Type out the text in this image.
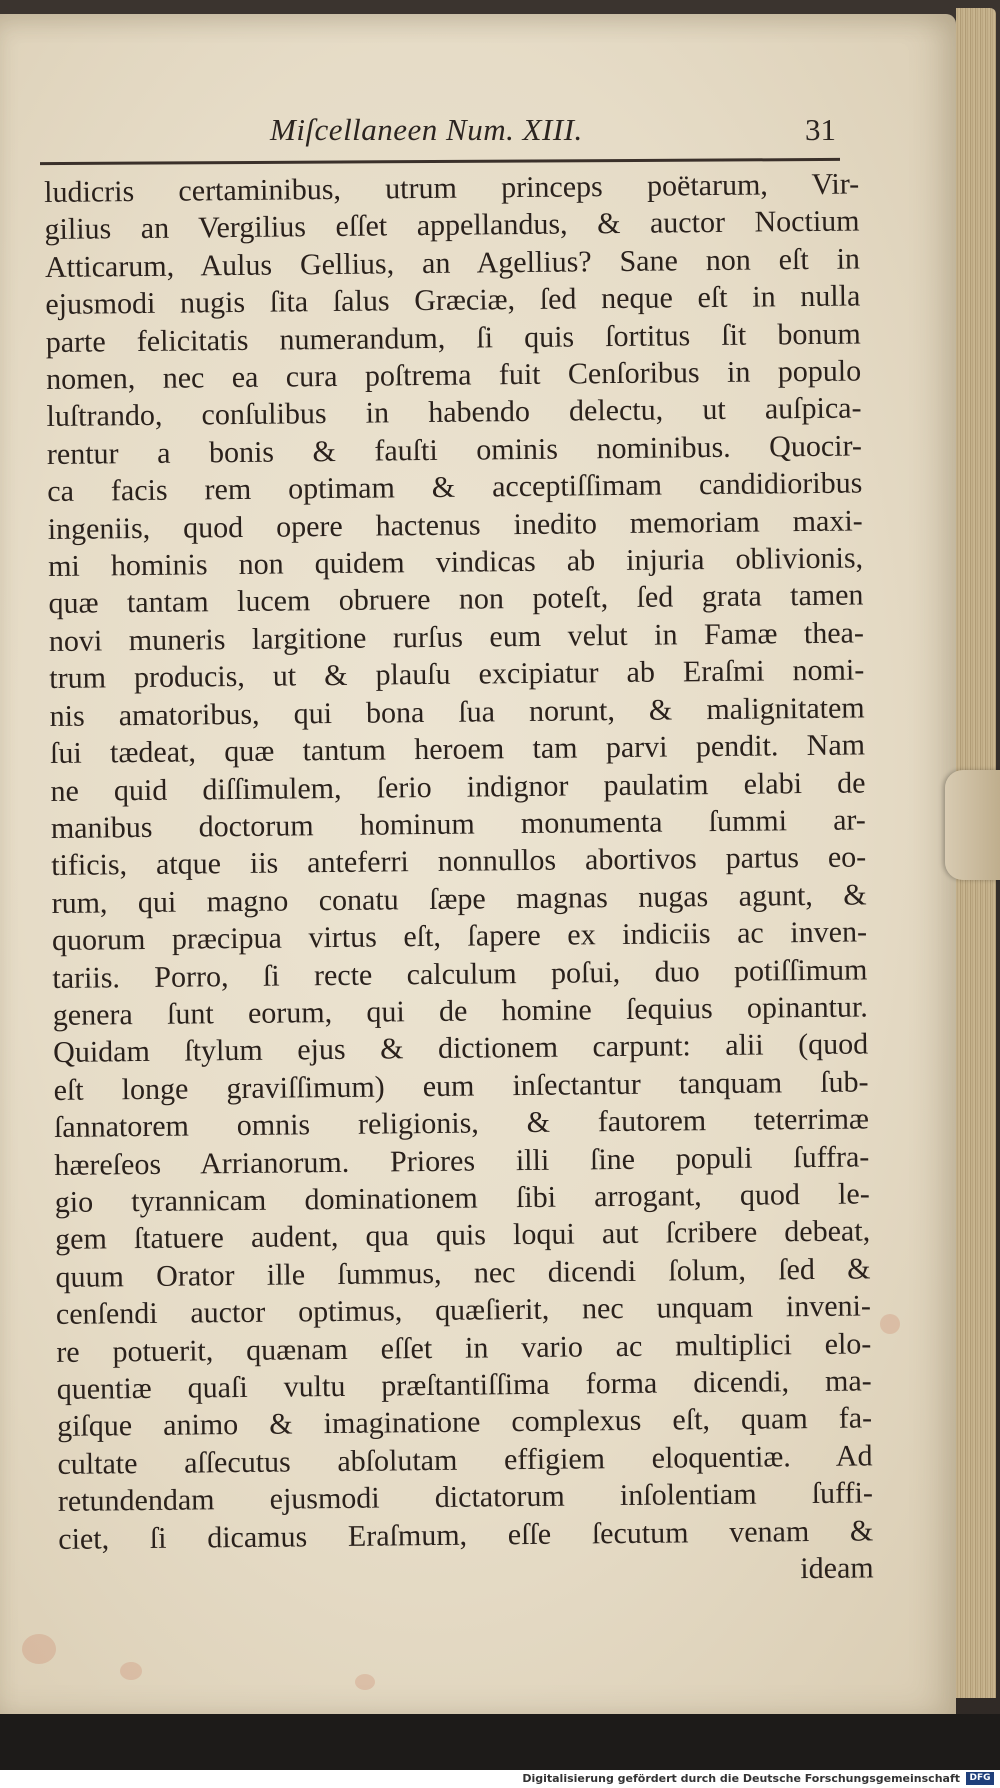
Miſcellaneen Num. XIII.	31
ludicris certaminibus, utrum princeps poëtarum, Vir-
gilius an Vergilius eſſet appellandus, & auctor Noctium
Atticarum, Aulus Gellius, an Agellius? Sane non eſt in
ejusmodi nugis ſita ſalus Græciæ, ſed neque eſt in nulla
parte felicitatis numerandum, ſi quis ſortitus ſit bonum
nomen, nec ea cura poſtrema fuit Cenſoribus in populo
luſtrando, conſulibus in habendo delectu, ut auſpica-
rentur a bonis & fauſti ominis nominibus. Quocir-
ca facis rem optimam & acceptiſſimam candidioribus
ingeniis, quod opere hactenus inedito memoriam maxi-
mi hominis non quidem vindicas ab injuria oblivionis,
quæ tantam lucem obruere non poteſt, ſed grata tamen
novi muneris largitione rurſus eum velut in Famæ thea-
trum producis, ut & plauſu excipiatur ab Eraſmi nomi-
nis amatoribus, qui bona ſua norunt, & malignitatem
ſui tædeat, quæ tantum heroem tam parvi pendit. Nam
ne quid diſſimulem, ſerio indignor paulatim elabi de
manibus doctorum hominum monumenta ſummi ar-
tificis, atque iis anteferri nonnullos abortivos partus eo-
rum, qui magno conatu ſæpe magnas nugas agunt, &
quorum præcipua virtus eſt, ſapere ex indiciis ac inven-
tariis. Porro, ſi recte calculum poſui, duo potiſſimum
genera ſunt eorum, qui de homine ſequius opinantur.
Quidam ſtylum ejus & dictionem carpunt: alii (quod
eſt longe graviſſimum) eum inſectantur tanquam ſub-
ſannatorem omnis religionis, & fautorem teterrimæ
hæreſeos Arrianorum. Priores illi ſine populi ſuffra-
gio tyrannicam dominationem ſibi arrogant, quod le-
gem ſtatuere audent, qua quis loqui aut ſcribere debeat,
quum Orator ille ſummus, nec dicendi ſolum, ſed &
cenſendi auctor optimus, quæſierit, nec unquam inveni-
re potuerit, quænam eſſet in vario ac multiplici elo-
quentiæ quaſi vultu præſtantiſſima forma dicendi, ma-
giſque animo & imaginatione complexus eſt, quam fa-
cultate aſſecutus abſolutam effigiem eloquentiæ. Ad
retundendam ejusmodi dictatorum inſolentiam ſuffi-
ciet, ſi dicamus Eraſmum, eſſe ſecutum venam &
ideam
Digitalisierung gefördert durch die Deutsche Forschungsgemeinschaft	DFG
